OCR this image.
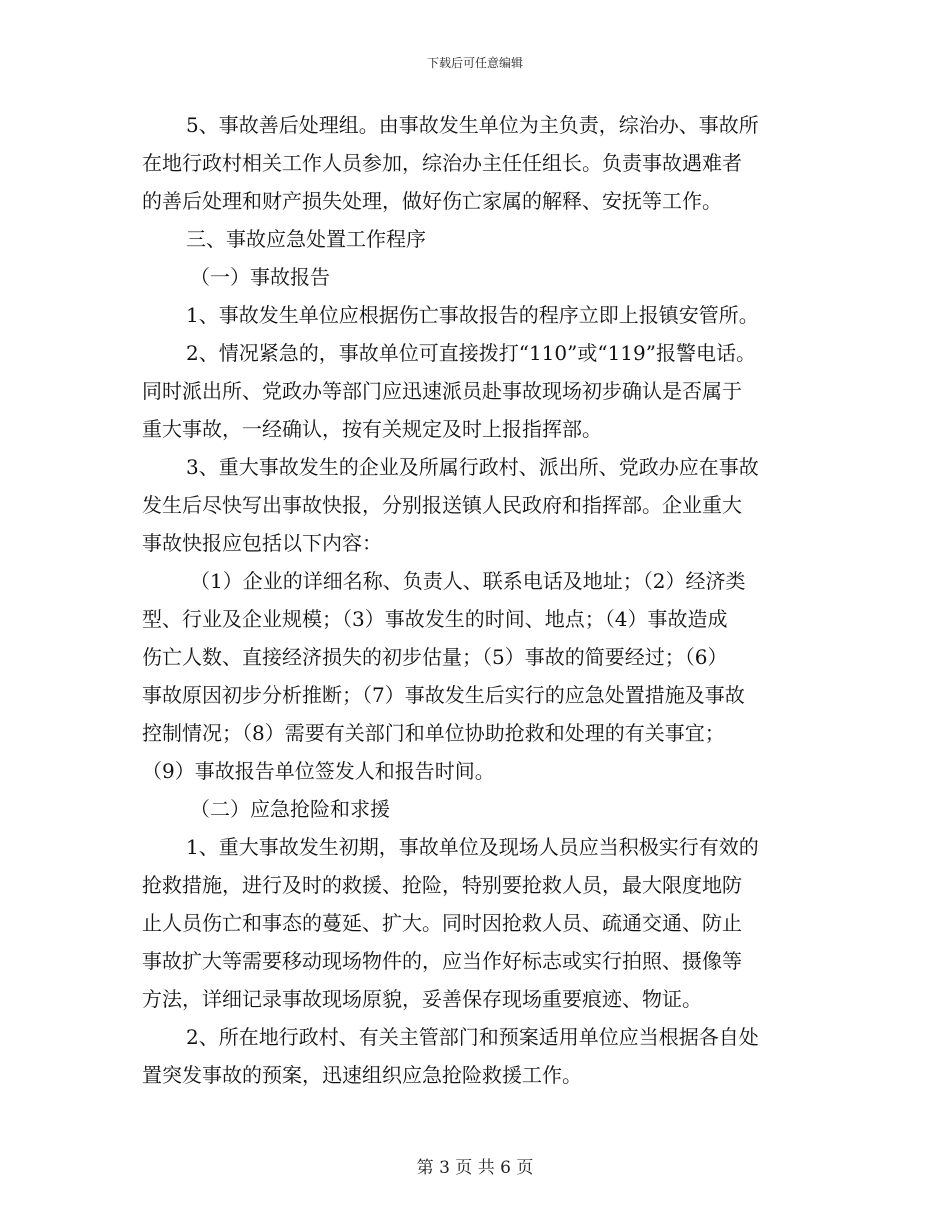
下载后可任意编辑

5、事故善后处理组。由事故发生单位为主负责，综治办、事故所
在地行政村相关工作人员参加，综治办主任任组长。负责事故遇难者
的善后处理和财产损失处理，做好伤亡家属的解释、安抚等工作。

三、事故应急处置工作程序

（一）事故报告

1、事故发生单位应根据伤亡事故报告的程序立即上报镇安管所。

2、情况紧急的，事故单位可直接拨打“110”或“119”报警电话。
同时派出所、党政办等部门应迅速派员赴事故现场初步确认是否属于
重大事故，一经确认，按有关规定及时上报指挥部。

3、重大事故发生的企业及所属行政村、派出所、党政办应在事故
发生后尽快写出事故快报，分别报送镇人民政府和指挥部。企业重大
事故快报应包括以下内容：

（1）企业的详细名称、负责人、联系电话及地址；（2）经济类
型、行业及企业规模；（3）事故发生的时间、地点；（4）事故造成
伤亡人数、直接经济损失的初步估量；（5）事故的简要经过；（6）
事故原因初步分析推断；（7）事故发生后实行的应急处置措施及事故
控制情况；（8）需要有关部门和单位协助抢救和处理的有关事宜；
（9）事故报告单位签发人和报告时间。

（二）应急抢险和求援

1、重大事故发生初期，事故单位及现场人员应当积极实行有效的
抢救措施，进行及时的救援、抢险，特别要抢救人员，最大限度地防
止人员伤亡和事态的蔓延、扩大。同时因抢救人员、疏通交通、防止
事故扩大等需要移动现场物件的，应当作好标志或实行拍照、摄像等
方法，详细记录事故现场原貌，妥善保存现场重要痕迹、物证。

2、所在地行政村、有关主管部门和预案适用单位应当根据各自处
置突发事故的预案，迅速组织应急抢险救援工作。

第 3 页 共 6 页
